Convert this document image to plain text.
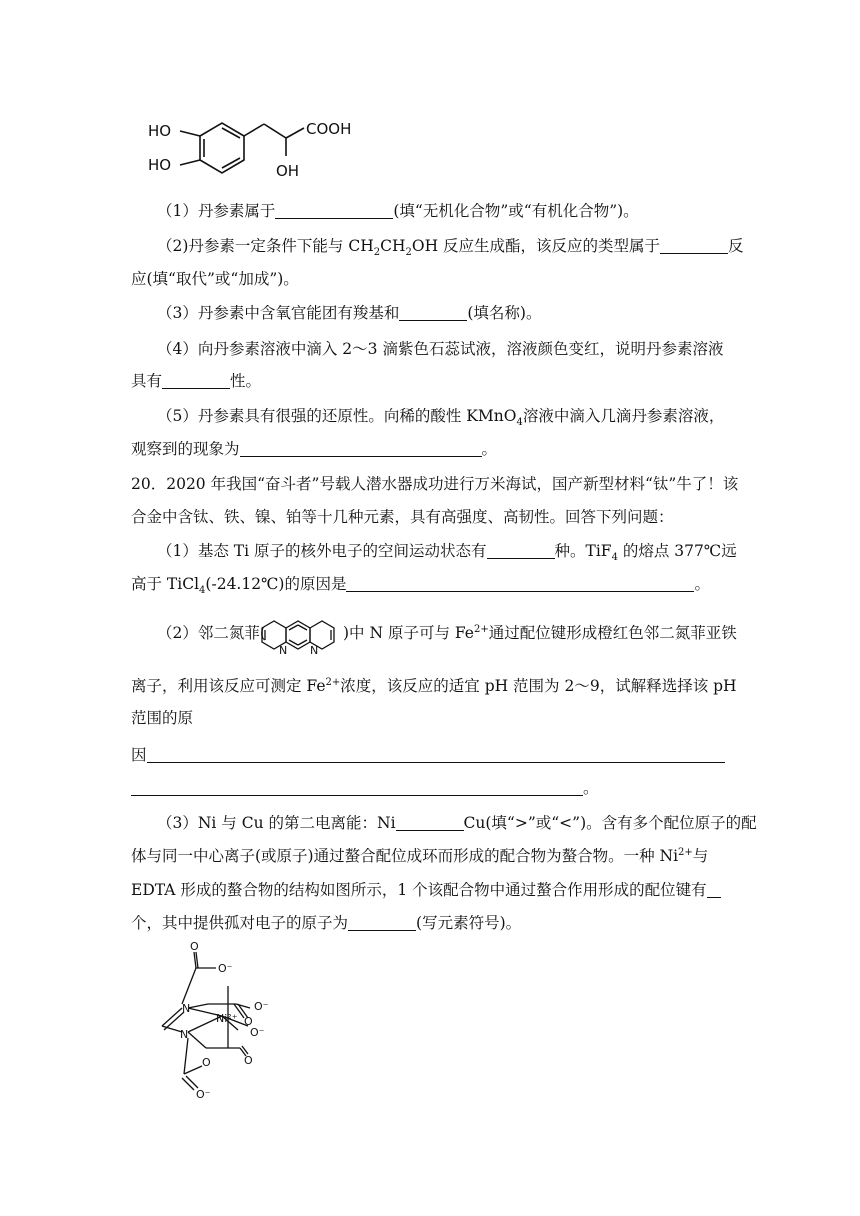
HO
HO
COOH
OH
（1）丹参素属于	(填“无机化合物”或“有机化合物”)。
（2)丹参素一定条件下能与 $CH_2CH_2OH$ 反应生成酯，该反应的类型属于	反
应(填“取代”或“加成”)。
（3）丹参素中含氧官能团有羧基和	(填名称)。
（4）向丹参素溶液中滴入 2～3 滴紫色石蕊试液，溶液颜色变红，说明丹参素溶液
具有	性。
（5）丹参素具有很强的还原性。向稀的酸性 KMnO$_4$溶液中滴入几滴丹参素溶液，
观察到的现象为	。
20．2020 年我国“奋斗者”号载人潜水器成功进行万米海试，国产新型材料“钛”牛了！该
合金中含钛、铁、镍、铂等十几种元素，具有高强度、高韧性。回答下列问题：
（1）基态 Ti 原子的核外电子的空间运动状态有	种。TiF$_4$ 的熔点 377℃远
高于 TiCl$_4$(-24.12℃)的原因是	。
（2）邻二氮菲(
N N
)中 N 原子可与 $Fe^{2+}$通过配位键形成橙红色邻二氮菲亚铁
离子，利用该反应可测定 $Fe^{2+}$浓度，该反应的适宜 pH 范围为 2～9，试解释选择该 pH
范围的原
因
。
（3）Ni 与 Cu 的第二电离能：Ni	Cu(填“>”或“<”)。含有多个配位原子的配
体与同一中心离子(或原子)通过螯合配位成环而形成的配合物为螯合物。一种 $Ni^{2+}$与
EDTA 形成的螯合物的结构如图所示，1 个该配合物中通过螯合作用形成的配位键有
个，其中提供孤对电子的原子为	(写元素符号)。
O
O⁻
N
Ni²⁺ O
O⁻
N	O⁻
O
O
O⁻
